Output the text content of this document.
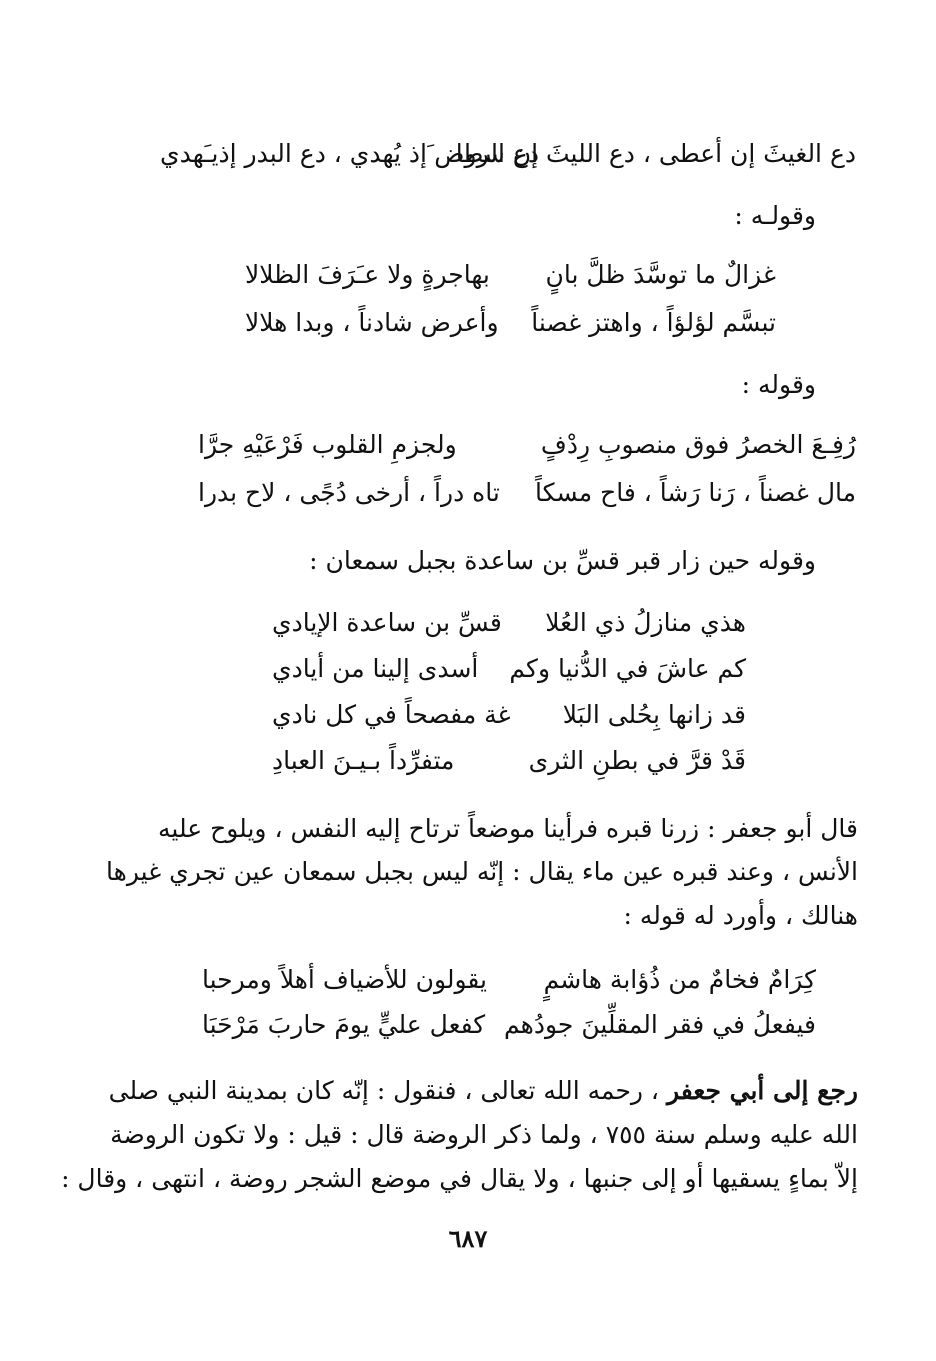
دع الغيثَ إن أعطى ، دع الليثَ إن سطا
دع الروض َإذ يُهدي ، دع البدر إذيـَهدي
وقولـه :
غزالٌ ما توسَّدَ ظلَّ بانٍ
بهاجرةٍ ولا عـَرَفَ الظلالا
تبسَّم لؤلؤاً ، واهتز غصناً
وأعرض شادناً ، وبدا هلالا
وقوله :
رُفِـعَ الخصرُ فوق منصوبِ رِدْفٍ
ولجزمِ القلوب فَرْعَيْهِ جرَّا
مال غصناً ، رَنا رَشاً ، فاح مسكاً
تاه دراً ، أرخى دُجًى ، لاح بدرا
وقوله حين زار قبر قسِّ بن ساعدة بجبل سمعان :
هذي منازلُ ذي العُلا
قسِّ بن ساعدة الإيادي
كم عاشَ في الدُّنيا وكم
أسدى إلينا من أيادي
قد زانها بِحُلى البَلا
غة مفصحاً في كل نادي
قَدْ قرَّ في بطنِ الثرى
متفرِّداً بـيـنَ العبادِ
قال أبو جعفر : زرنا قبره فرأينا موضعاً ترتاح إليه النفس ، ويلوح عليه
الأنس ، وعند قبره عين ماء يقال : إنّه ليس بجبل سمعان عين تجري غيرها
هنالك ، وأورد له قوله :
كِرَامٌ فخامٌ من ذُؤابة هاشمٍ
يقولون للأضياف أهلاً ومرحبا
فيفعلُ في فقر المقلِّينَ جودُهم
كفعل عليٍّ يومَ حاربَ مَرْحَبَا
رجع إلى أبي جعفر ، رحمه الله تعالى ، فنقول : إنّه كان بمدينة النبي صلى
الله عليه وسلم سنة ٧٥٥ ، ولما ذكر الروضة قال : قيل : ولا تكون الروضة
إلاّ بماءٍ يسقيها أو إلى جنبها ، ولا يقال في موضع الشجر روضة ، انتهى ، وقال :
٦٨٧
